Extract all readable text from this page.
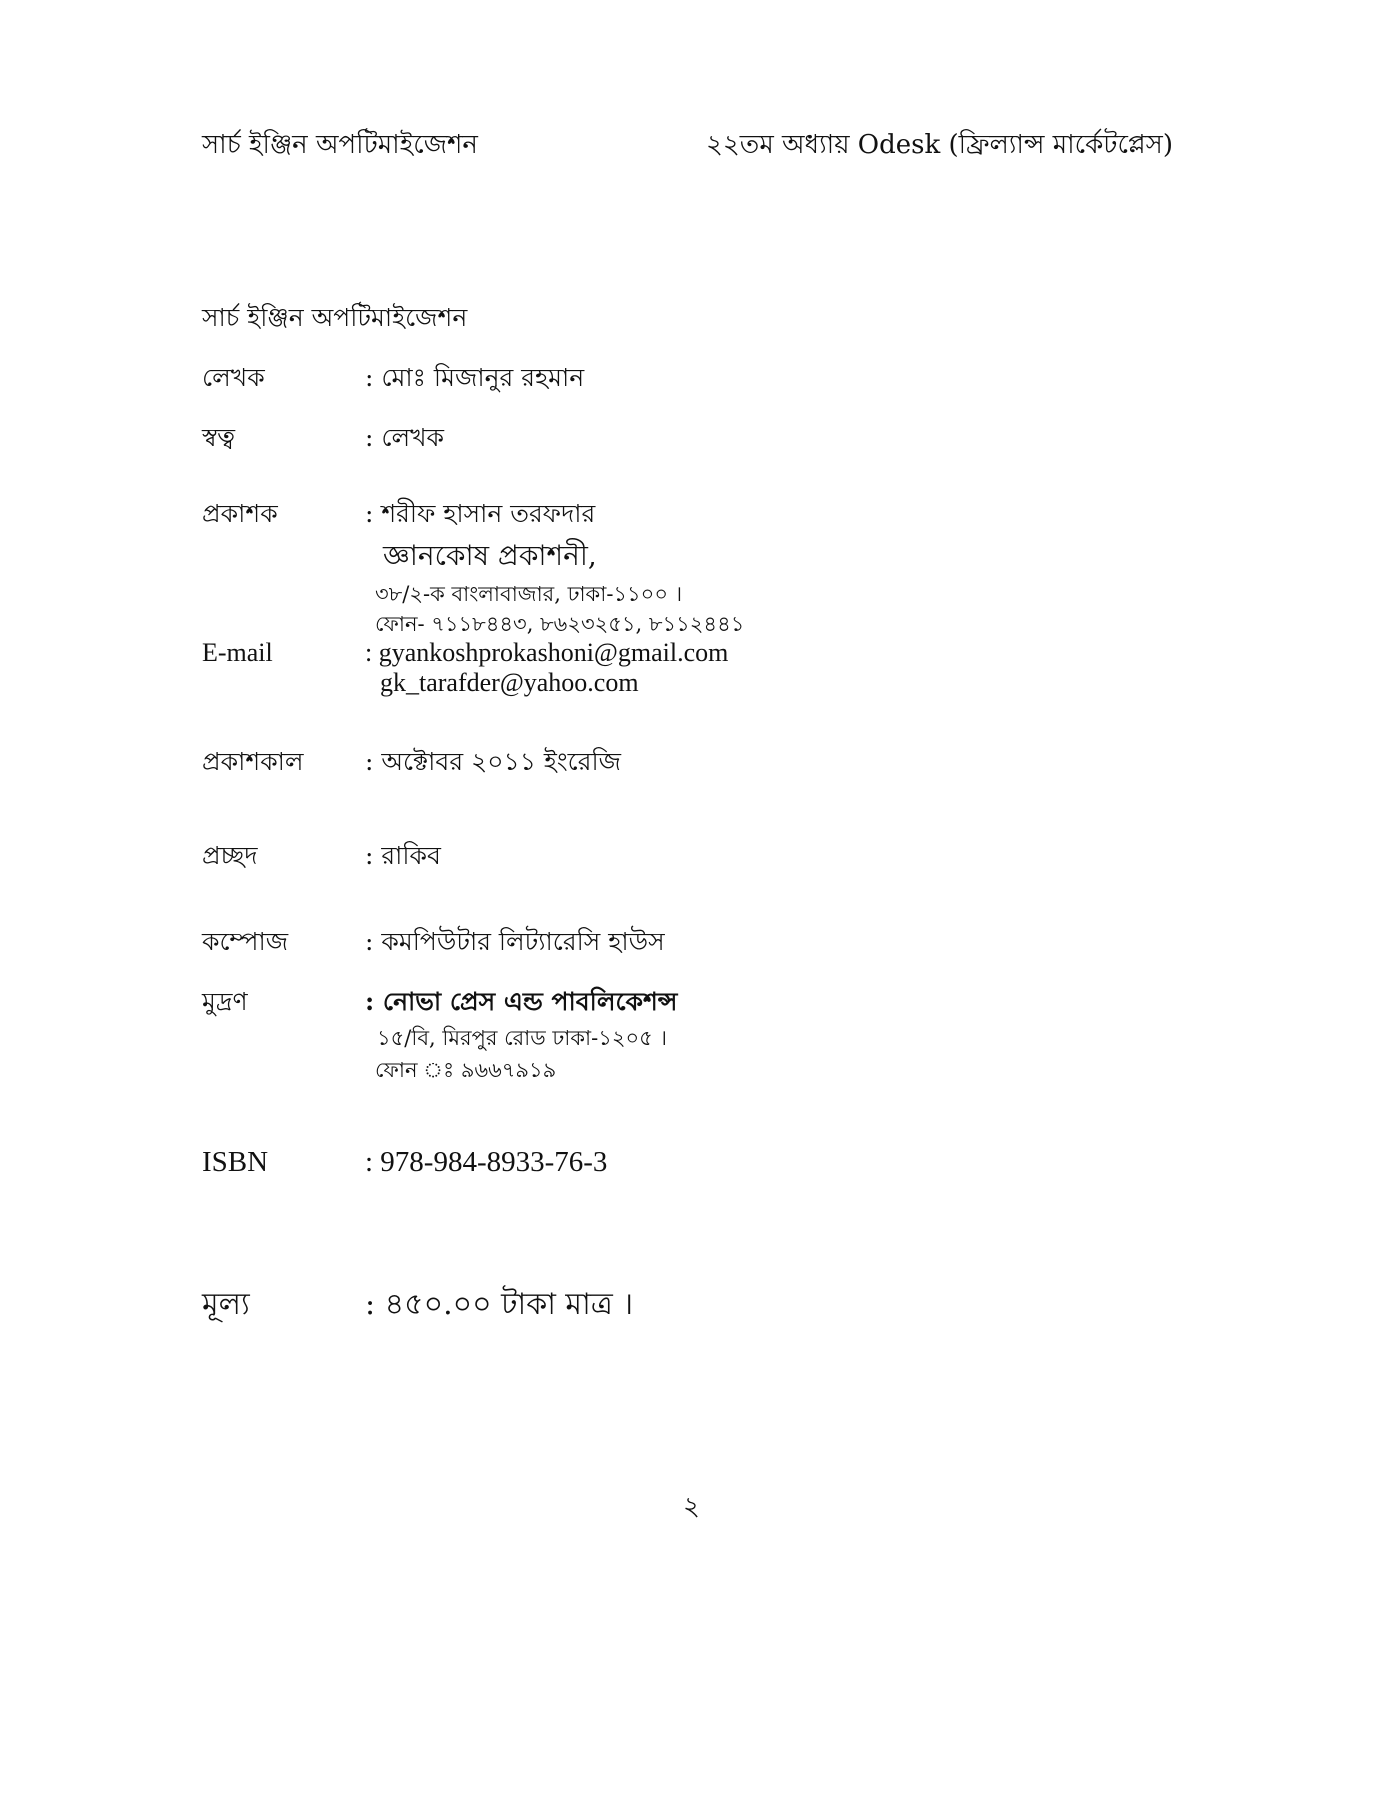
সার্চ ইঞ্জিন অপটিমাইজেশন	২২তম অধ্যায় Odesk (ফ্রিল্যান্স মার্কেটপ্লেস)
সার্চ ইঞ্জিন অপটিমাইজেশন
লেখক	: মোঃ মিজানুর রহমান
স্বত্ব	: লেখক
প্রকাশক	: শরীফ হাসান তরফদার
জ্ঞানকোষ প্রকাশনী,
৩৮/২-ক বাংলাবাজার, ঢাকা-১১০০ ।
ফোন- ৭১১৮৪৪৩, ৮৬২৩২৫১, ৮১১২৪৪১
E-mail	: gyankoshprokashoni@gmail.com
gk_tarafder@yahoo.com
প্রকাশকাল : অক্টোবর ২০১১ ইংরেজি
প্রচ্ছদ	: রাকিব
কম্পোজ	: কমপিউটার লিট্যারেসি হাউস
মুদ্রণ	: নোভা প্রেস এন্ড পাবলিকেশন্স
১৫/বি, মিরপুর রোড ঢাকা-১২০৫ ।
ফোন ঃ ৯৬৬৭৯১৯
ISBN	: 978-984-8933-76-3
মূল্য	: ৪৫০.০০ টাকা মাত্র ।
২
